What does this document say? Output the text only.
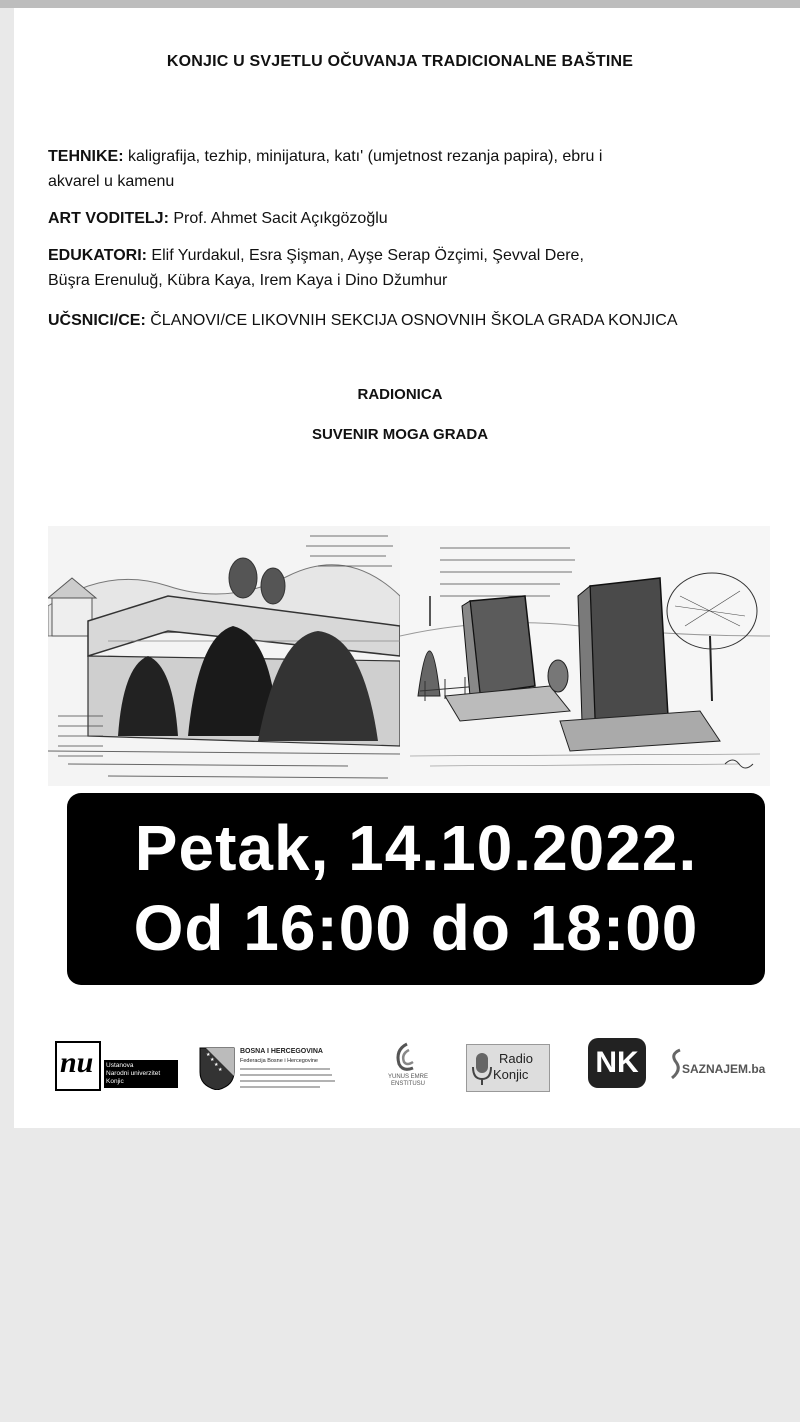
KONJIC U SVJETLU OČUVANJA TRADICIONALNE BAŠTINE
TEHNIKE: kaligrafija, tezhip, minijatura, katı' (umjetnost rezanja papira), ebru i
akvarel u kamenu
ART VODITELJ: Prof. Ahmet Sacit Açıkgözoğlu
EDUKATORI: Elif Yurdakul, Esra Şişman, Ayşe Serap Özçimi, Şevval Dere,
Büşra Erenuluğ, Kübra Kaya, Irem Kaya i Dino Džumhur
UČSNICI/CE: ČLANOVI/CE LIKOVNIH SEKCIJA OSNOVNIH ŠKOLA GRADA KONJICA
RADIONICA
SUVENIR MOGA GRADA
Petak, 14.10.2022.
Od 16:00 do 18:00
nu Ustanova
Narodni univerzitet
Konjic
★
★
★
★
BOSNA I HERCEGOVINA
Federacija Bosne i Hercegovine
YUNUS EMRE
ENSTITUSU
Radio
Konjic NK	SAZNAJEM.ba
